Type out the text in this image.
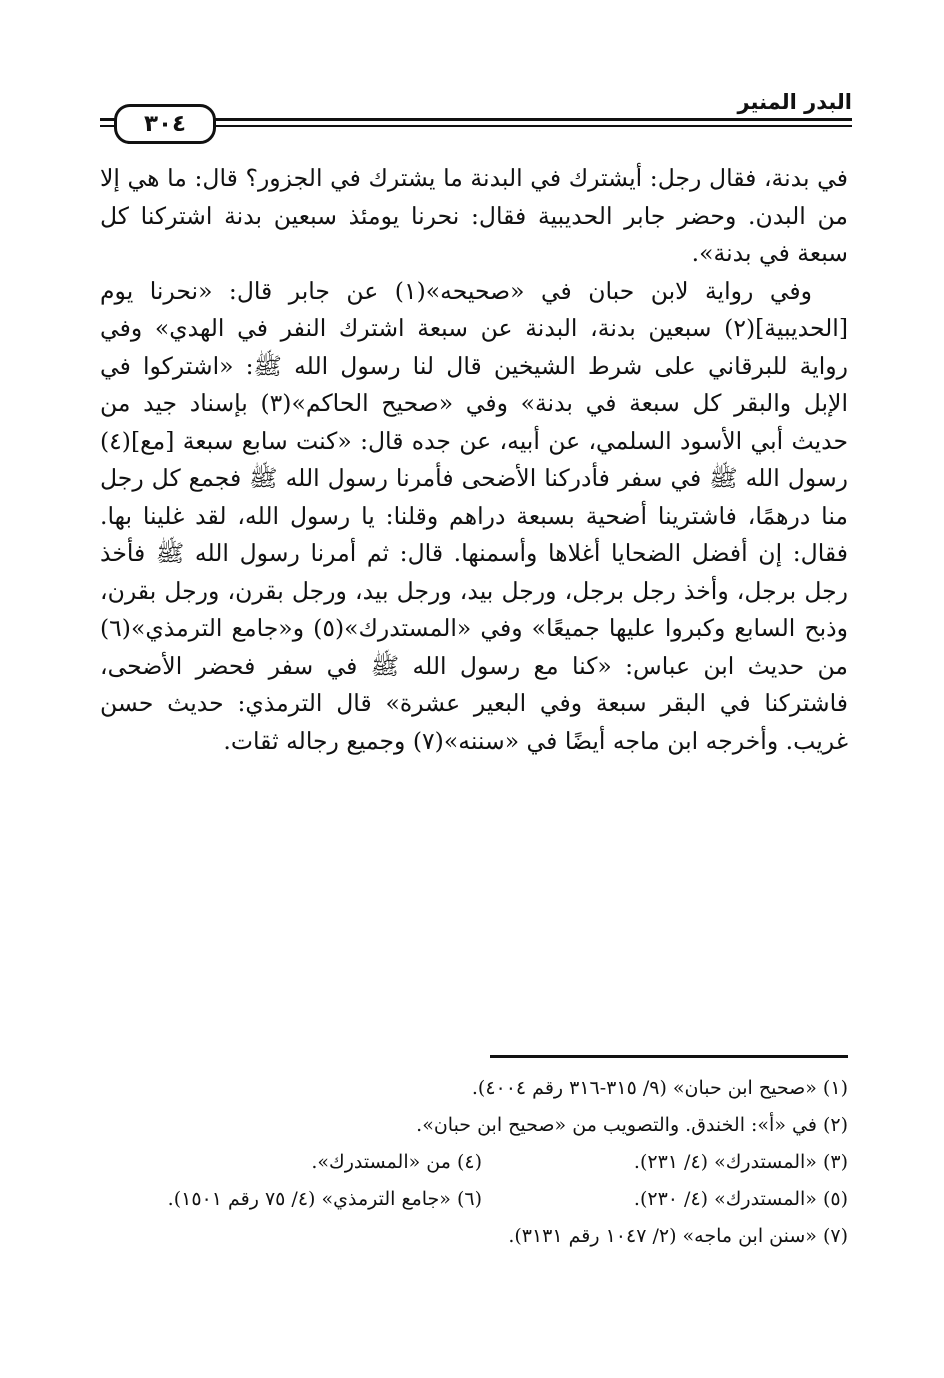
٣٠٤
البدر المنير

في بدنة، فقال رجل: أيشترك في البدنة ما يشترك في الجزور؟ قال: ما هي إلا من البدن. وحضر جابر الحديبية فقال: نحرنا يومئذ سبعين بدنة اشتركنا كل سبعة في بدنة».

وفي رواية لابن حبان في «صحيحه»(١) عن جابر قال: «نحرنا يوم [الحديبية](٢) سبعين بدنة، البدنة عن سبعة اشترك النفر في الهدي» وفي رواية للبرقاني على شرط الشيخين قال لنا رسول الله ﷺ: «اشتركوا في الإبل والبقر كل سبعة في بدنة» وفي «صحيح الحاكم»(٣) بإسناد جيد من حديث أبي الأسود السلمي، عن أبيه، عن جده قال: «كنت سابع سبعة [مع](٤) رسول الله ﷺ في سفر فأدركنا الأضحى فأمرنا رسول الله ﷺ فجمع كل رجل منا درهمًا، فاشترينا أضحية بسبعة دراهم وقلنا: يا رسول الله، لقد غلينا بها. فقال: إن أفضل الضحايا أغلاها وأسمنها. قال: ثم أمرنا رسول الله ﷺ فأخذ رجل برجل، وأخذ رجل برجل، ورجل بيد، ورجل بيد، ورجل بقرن، ورجل بقرن، وذبح السابع وكبروا عليها جميعًا» وفي «المستدرك»(٥) و«جامع الترمذي»(٦) من حديث ابن عباس: «كنا مع رسول الله ﷺ في سفر فحضر الأضحى، فاشتركنا في البقر سبعة وفي البعير عشرة» قال الترمذي: حديث حسن غريب. وأخرجه ابن ماجه أيضًا في «سننه»(٧) وجميع رجاله ثقات.

(١) «صحيح ابن حبان» (٩/ ٣١٥-٣١٦ رقم ٤٠٠٤).
(٢) في «أ»: الخندق. والتصويب من «صحيح ابن حبان».
(٣) «المستدرك» (٤/ ٢٣١).
(٤) من «المستدرك».
(٥) «المستدرك» (٤/ ٢٣٠).
(٦) «جامع الترمذي» (٤/ ٧٥ رقم ١٥٠١).
(٧) «سنن ابن ماجه» (٢/ ١٠٤٧ رقم ٣١٣١).
